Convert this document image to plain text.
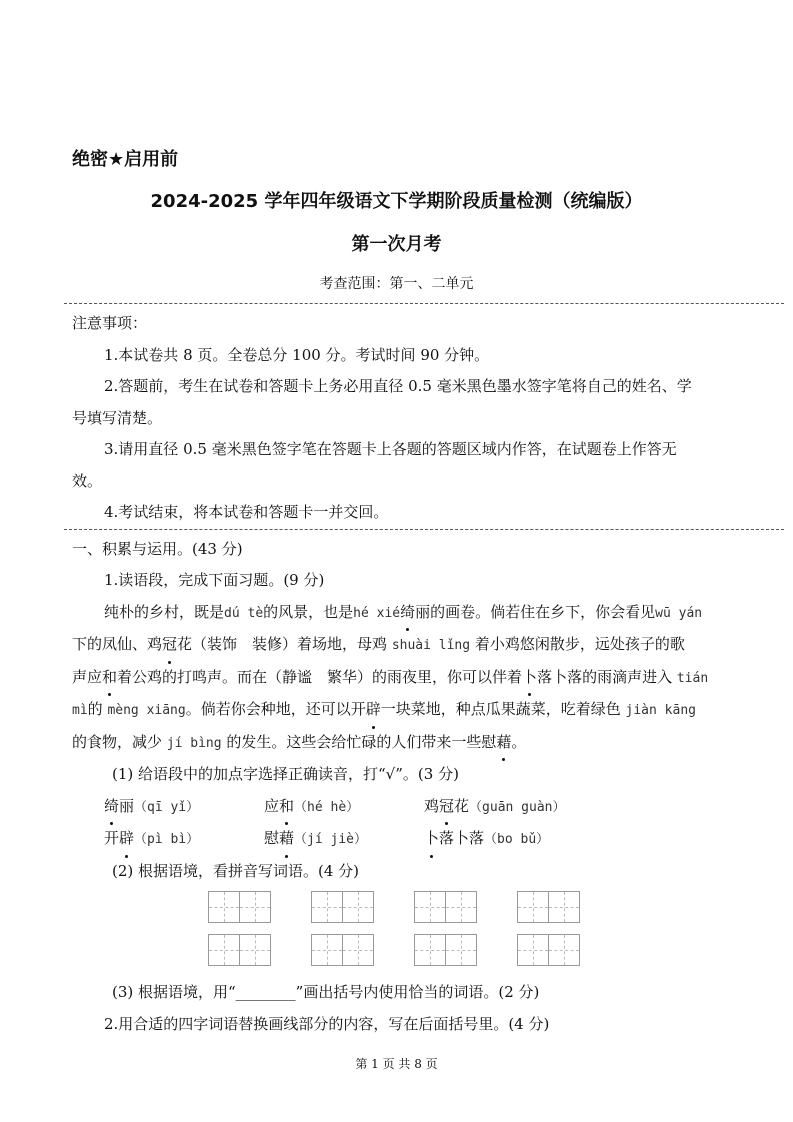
绝密★启用前
2024-2025 学年四年级语文下学期阶段质量检测（统编版）
第一次月考
考查范围：第一、二单元
注意事项：
1.本试卷共 8 页。全卷总分 100 分。考试时间 90 分钟。
2.答题前，考生在试卷和答题卡上务必用直径 0.5 毫米黑色墨水签字笔将自己的姓名、学
号填写清楚。
3.请用直径 0.5 毫米黑色签字笔在答题卡上各题的答题区域内作答，在试题卷上作答无
效。
4.考试结束，将本试卷和答题卡一并交回。
一、积累与运用。(43 分)
1.读语段，完成下面习题。(9 分)
纯朴的乡村，既是dú tè的风景，也是hé xié绮丽的画卷。倘若住在乡下，你会看见wū yán
下的凤仙、鸡冠花（装饰　装修）着场地，母鸡 shuài lǐng 着小鸡悠闲散步，远处孩子的歌
声应和着公鸡的打鸣声。而在（静谧　繁华）的雨夜里，你可以伴着卜落卜落的雨滴声进入 tián
mì的 mèng xiāng。倘若你会种地，还可以开辟一块菜地，种点瓜果蔬菜，吃着绿色 jiàn kāng
的食物，减少 jí bìng 的发生。这些会给忙碌的人们带来一些慰藉。
(1) 给语段中的加点字选择正确读音，打“√”。(3 分)
绮丽（qī yǐ）	应和（hé hè）	鸡冠花（guān guàn）
开辟（pì bì）	慰藉（jí jiè）	卜落卜落（bo bǔ）
(2) 根据语境，看拼音写词语。(4 分)
(3) 根据语境，用“________”画出括号内使用恰当的词语。(2 分)
2.用合适的四字词语替换画线部分的内容，写在后面括号里。(4 分)
第 1 页 共 8 页
